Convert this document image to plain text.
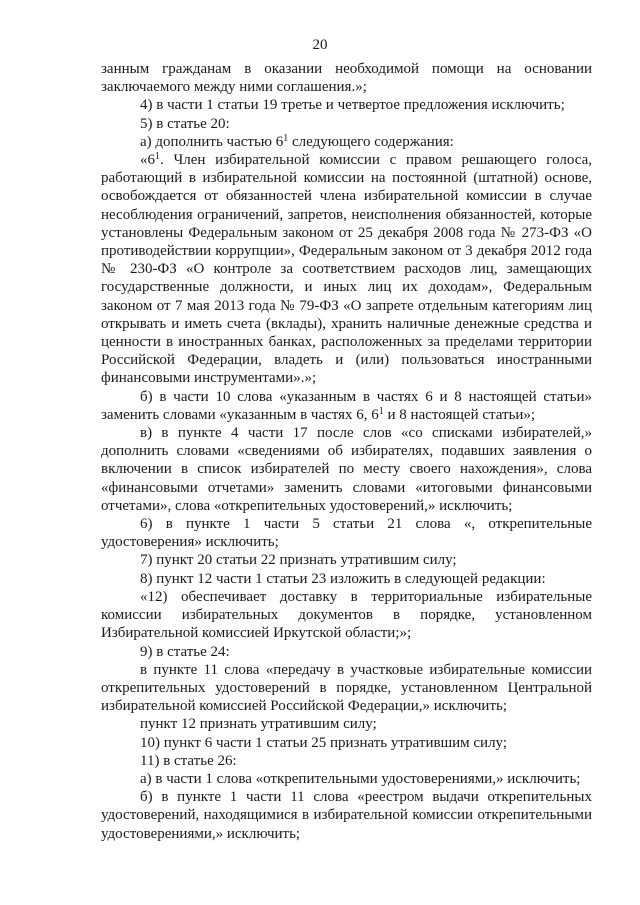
20

занным гражданам в оказании необходимой помощи на основании заключаемого между ними соглашения.»;

4) в части 1 статьи 19 третье и четвертое предложения исключить;

5) в статье 20:

а) дополнить частью $6^1$ следующего содержания:

«$6^1$. Член избирательной комиссии с правом решающего голоса, работающий в избирательной комиссии на постоянной (штатной) основе, освобождается от обязанностей члена избирательной комиссии в случае несоблюдения ограничений, запретов, неисполнения обязанностей, которые установлены Федеральным законом от 25 декабря 2008 года № 273-ФЗ «О противодействии коррупции», Федеральным законом от 3 декабря 2012 года № 230-ФЗ «О контроле за соответствием расходов лиц, замещающих государственные должности, и иных лиц их доходам», Федеральным законом от 7 мая 2013 года № 79-ФЗ «О запрете отдельным категориям лиц открывать и иметь счета (вклады), хранить наличные денежные средства и ценности в иностранных банках, расположенных за пределами территории Российской Федерации, владеть и (или) пользоваться иностранными финансовыми инструментами».»;

б) в части 10 слова «указанным в частях 6 и 8 настоящей статьи» заменить словами «указанным в частях 6, $6^1$ и 8 настоящей статьи»;

в) в пункте 4 части 17 после слов «со списками избирателей,» дополнить словами «сведениями об избирателях, подавших заявления о включении в список избирателей по месту своего нахождения», слова «финансовыми отчетами» заменить словами «итоговыми финансовыми отчетами», слова «открепительных удостоверений,» исключить;

6) в пункте 1 части 5 статьи 21 слова «, открепительные удостоверения» исключить;

7) пункт 20 статьи 22 признать утратившим силу;

8) пункт 12 части 1 статьи 23 изложить в следующей редакции:

«12) обеспечивает доставку в территориальные избирательные комиссии избирательных документов в порядке, установленном Избирательной комиссией Иркутской области;»;

9) в статье 24:

в пункте 11 слова «передачу в участковые избирательные комиссии открепительных удостоверений в порядке, установленном Центральной избирательной комиссией Российской Федерации,» исключить;

пункт 12 признать утратившим силу;

10) пункт 6 части 1 статьи 25 признать утратившим силу;

11) в статье 26:

а) в части 1 слова «открепительными удостоверениями,» исключить;

б) в пункте 1 части 11 слова «реестром выдачи открепительных удостоверений, находящимися в избирательной комиссии открепительными удостоверениями,» исключить;
